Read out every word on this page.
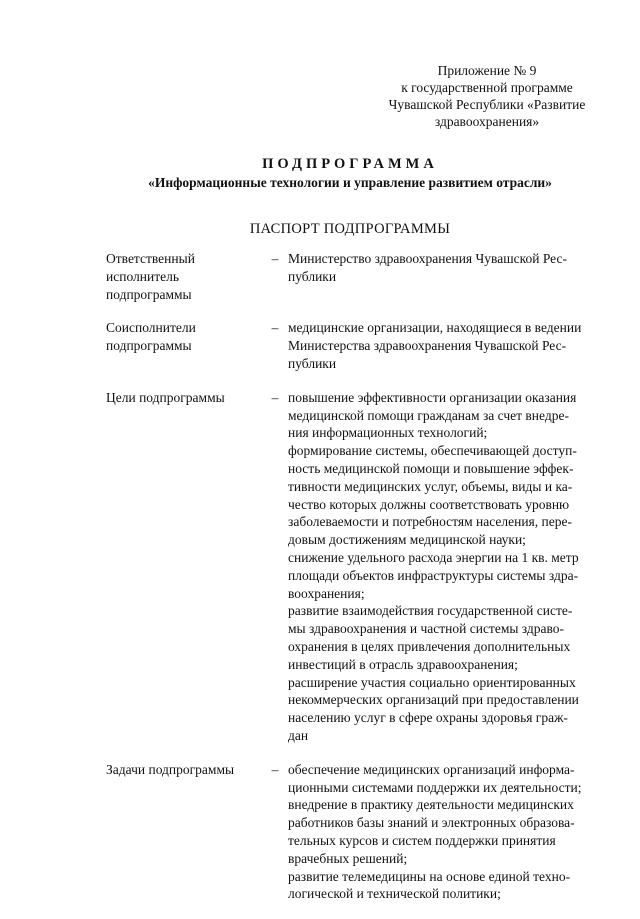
Приложение № 9
к государственной программе
Чувашской Республики «Развитие
здравоохранения»
ПОДПРОГРАММА
«Информационные технологии и управление развитием отрасли»
ПАСПОРТ ПОДПРОГРАММЫ
Ответственный исполнитель подпрограммы
– Министерство здравоохранения Чувашской Рес-
публики
Соисполнители подпрограммы
– медицинские организации, находящиеся в ведении
Министерства здравоохранения Чувашской Рес-
публики
Цели подпрограммы	– повышение эффективности организации оказания
медицинской помощи гражданам за счет внедре-
ния информационных технологий;
формирование системы, обеспечивающей доступ-
ность медицинской помощи и повышение эффек-
тивности медицинских услуг, объемы, виды и ка-
чество которых должны соответствовать уровню
заболеваемости и потребностям населения, пере-
довым достижениям медицинской науки;
снижение удельного расхода энергии на 1 кв. метр
площади объектов инфраструктуры системы здра-
воохранения;
развитие взаимодействия государственной систе-
мы здравоохранения и частной системы здраво-
охранения в целях привлечения дополнительных
инвестиций в отрасль здравоохранения;
расширение участия социально ориентированных
некоммерческих организаций при предоставлении
населению услуг в сфере охраны здоровья граж-
дан
Задачи подпрограммы	– обеспечение медицинских организаций информа-
ционными системами поддержки их деятельности;
внедрение в практику деятельности медицинских
работников базы знаний и электронных образова-
тельных курсов и систем поддержки принятия
врачебных решений;
развитие телемедицины на основе единой техно-
логической и технической политики;
